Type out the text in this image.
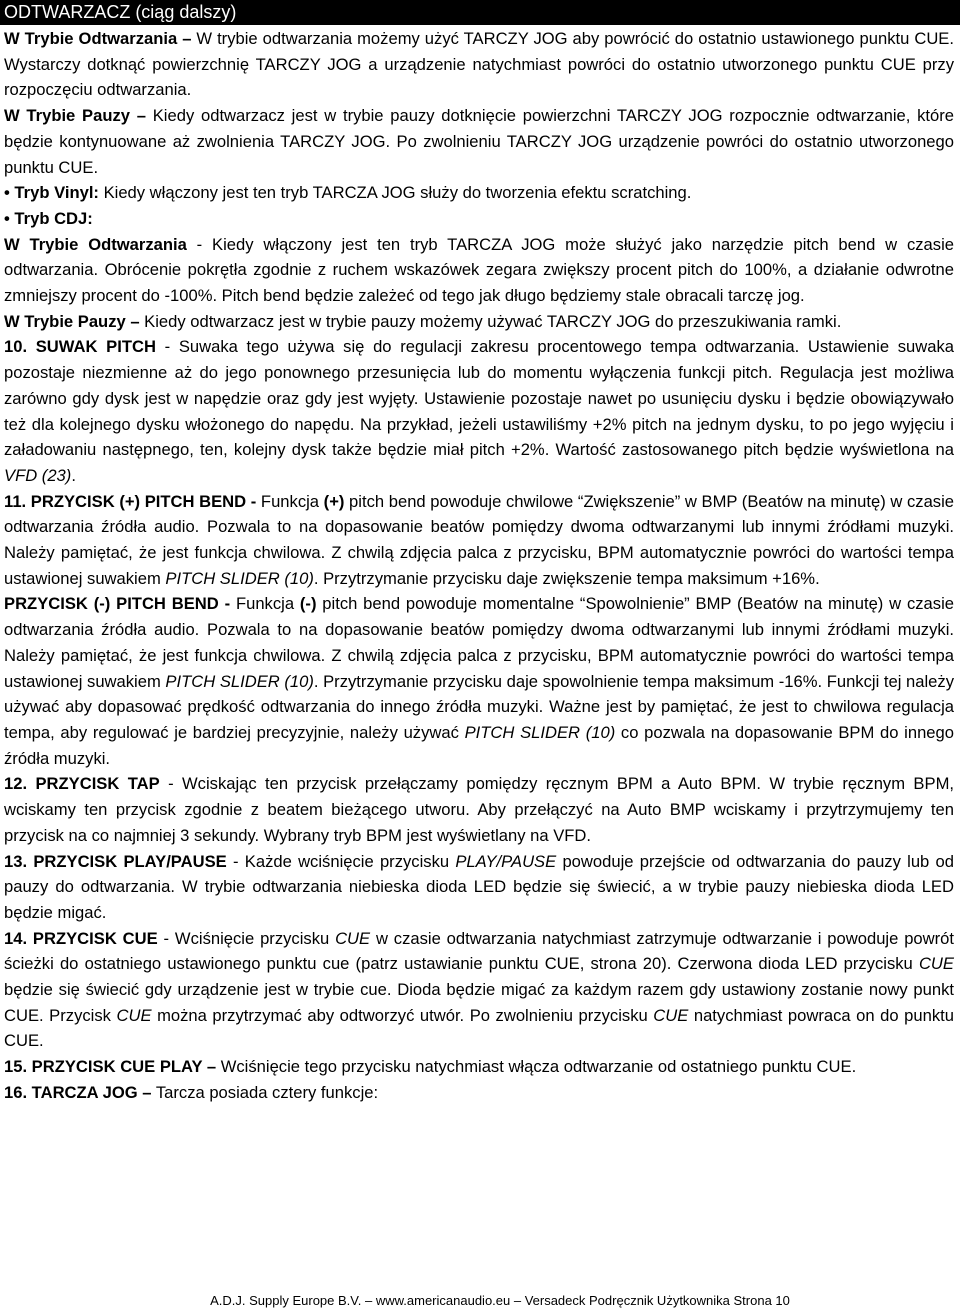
ODTWARZACZ (ciąg dalszy)

W Trybie Odtwarzania – W trybie odtwarzania możemy użyć TARCZY JOG aby powrócić do ostatnio ustawionego punktu CUE. Wystarczy dotknąć powierzchnię TARCZY JOG a urządzenie natychmiast powróci do ostatnio utworzonego punktu CUE przy rozpoczęciu odtwarzania.

W Trybie Pauzy – Kiedy odtwarzacz jest w trybie pauzy dotknięcie powierzchni TARCZY JOG rozpocznie odtwarzanie, które będzie kontynuowane aż zwolnienia TARCZY JOG. Po zwolnieniu TARCZY JOG urządzenie powróci do ostatnio utworzonego punktu CUE.

• Tryb Vinyl: Kiedy włączony jest ten tryb TARCZA JOG służy do tworzenia efektu scratching.

• Tryb CDJ:

W Trybie Odtwarzania - Kiedy włączony jest ten tryb TARCZA JOG może służyć jako narzędzie pitch bend w czasie odtwarzania. Obrócenie pokrętła zgodnie z ruchem wskazówek zegara zwiększy procent pitch do 100%, a działanie odwrotne zmniejszy procent do -100%. Pitch bend będzie zależeć od tego jak długo będziemy stale obracali tarczę jog.

W Trybie Pauzy – Kiedy odtwarzacz jest w trybie pauzy możemy używać TARCZY JOG do przeszukiwania ramki.

10. SUWAK PITCH - Suwaka tego używa się do regulacji zakresu procentowego tempa odtwarzania. Ustawienie suwaka pozostaje niezmienne aż do jego ponownego przesunięcia lub do momentu wyłączenia funkcji pitch. Regulacja jest możliwa zarówno gdy dysk jest w napędzie oraz gdy jest wyjęty. Ustawienie pozostaje nawet po usunięciu dysku i będzie obowiązywało też dla kolejnego dysku włożonego do napędu. Na przykład, jeżeli ustawiliśmy +2% pitch na jednym dysku, to po jego wyjęciu i załadowaniu następnego, ten, kolejny dysk także będzie miał pitch +2%. Wartość zastosowanego pitch będzie wyświetlona na VFD (23).

11. PRZYCISK (+) PITCH BEND - Funkcja (+) pitch bend powoduje chwilowe “Zwiększenie” w BMP (Beatów na minutę) w czasie odtwarzania źródła audio. Pozwala to na dopasowanie beatów pomiędzy dwoma odtwarzanymi lub innymi źródłami muzyki. Należy pamiętać, że jest funkcja chwilowa. Z chwilą zdjęcia palca z przycisku, BPM automatycznie powróci do wartości tempa ustawionej suwakiem PITCH SLIDER (10). Przytrzymanie przycisku daje zwiększenie tempa maksimum +16%.

PRZYCISK (-) PITCH BEND - Funkcja (-) pitch bend powoduje momentalne “Spowolnienie” BMP (Beatów na minutę) w czasie odtwarzania źródła audio. Pozwala to na dopasowanie beatów pomiędzy dwoma odtwarzanymi lub innymi źródłami muzyki. Należy pamiętać, że jest funkcja chwilowa. Z chwilą zdjęcia palca z przycisku, BPM automatycznie powróci do wartości tempa ustawionej suwakiem PITCH SLIDER (10). Przytrzymanie przycisku daje spowolnienie tempa maksimum -16%. Funkcji tej należy używać aby dopasować prędkość odtwarzania do innego źródła muzyki. Ważne jest by pamiętać, że jest to chwilowa regulacja tempa, aby regulować je bardziej precyzyjnie, należy używać PITCH SLIDER (10) co pozwala na dopasowanie BPM do innego źródła muzyki.

12. PRZYCISK TAP - Wciskając ten przycisk przełączamy pomiędzy ręcznym BPM a Auto BPM. W trybie ręcznym BPM, wciskamy ten przycisk zgodnie z beatem bieżącego utworu. Aby przełączyć na Auto BMP wciskamy i przytrzymujemy ten przycisk na co najmniej 3 sekundy. Wybrany tryb BPM jest wyświetlany na VFD.

13. PRZYCISK PLAY/PAUSE - Każde wciśnięcie przycisku PLAY/PAUSE powoduje przejście od odtwarzania do pauzy lub od pauzy do odtwarzania. W trybie odtwarzania niebieska dioda LED będzie się świecić, a w trybie pauzy niebieska dioda LED będzie migać.

14. PRZYCISK CUE - Wciśnięcie przycisku CUE w czasie odtwarzania natychmiast zatrzymuje odtwarzanie i powoduje powrót ścieżki do ostatniego ustawionego punktu cue (patrz ustawianie punktu CUE, strona 20). Czerwona dioda LED przycisku CUE będzie się świecić gdy urządzenie jest w trybie cue. Dioda będzie migać za każdym razem gdy ustawiony zostanie nowy punkt CUE. Przycisk CUE można przytrzymać aby odtworzyć utwór. Po zwolnieniu przycisku CUE natychmiast powraca on do punktu CUE.

15. PRZYCISK CUE PLAY – Wciśnięcie tego przycisku natychmiast włącza odtwarzanie od ostatniego punktu CUE.

16. TARCZA JOG – Tarcza posiada cztery funkcje:

A.D.J. Supply Europe B.V. – www.americanaudio.eu – Versadeck Podręcznik Użytkownika Strona 10
